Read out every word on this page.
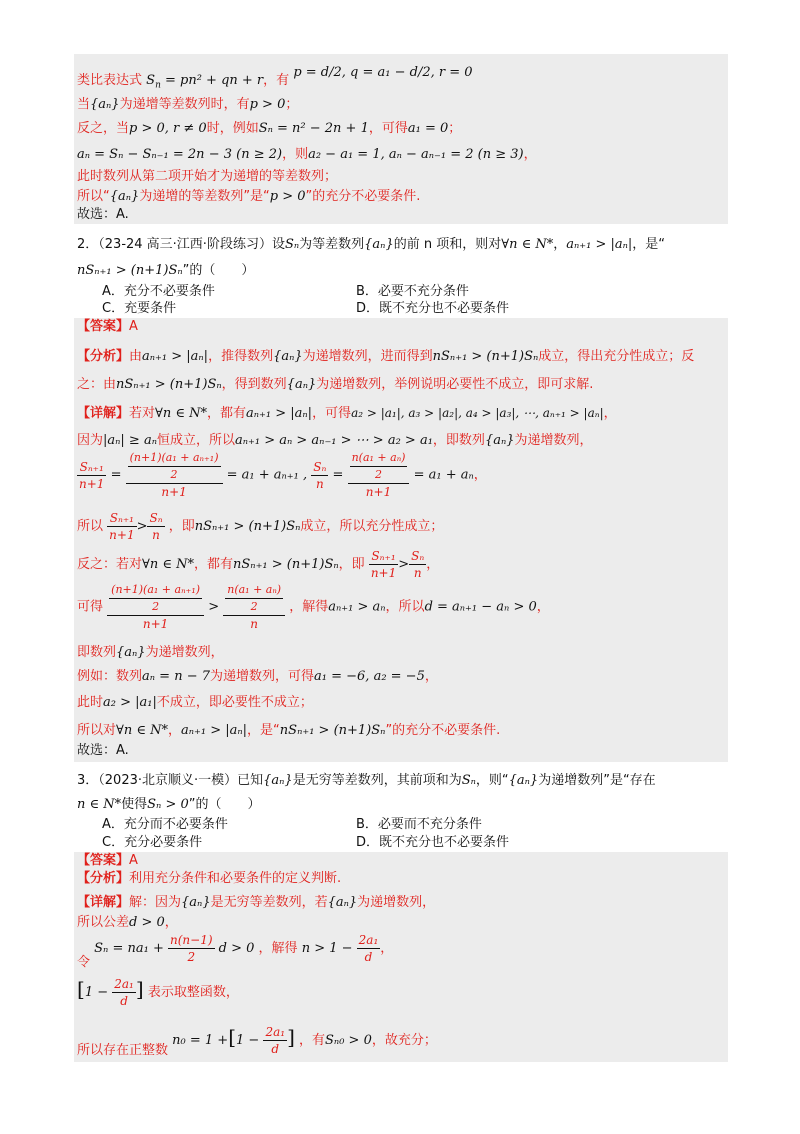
类比表达式 $S_n = pn^2$ + qn + r，有 p = d/2, q = a₁ − d/2, r = 0
当{aₙ}为递增等差数列时，有p > 0；
反之，当p > 0, r ≠ 0时，例如Sₙ = n² − 2n + 1，可得a₁ = 0；
aₙ = Sₙ − Sₙ₋₁ = 2n − 3 (n ≥ 2)，则a₂ − a₁ = 1, aₙ − aₙ₋₁ = 2 (n ≥ 3)，
此时数列从第二项开始才为递增的等差数列；
所以“{aₙ}为递增的等差数列”是“p > 0”的充分不必要条件.
故选：A.
2．（23-24 高三·江西·阶段练习）设Sₙ为等差数列{aₙ}的前 n 项和，则对∀n ∈ N*，aₙ₊₁ > |aₙ|，是“
nSₙ₊₁ > (n+1)Sₙ”的（　　）
A．充分不必要条件	B．必要不充分条件
C．充要条件	D．既不充分也不必要条件
【答案】A
【分析】由aₙ₊₁ > |aₙ|，推得数列{aₙ}为递增数列，进而得到nSₙ₊₁ > (n+1)Sₙ成立，得出充分性成立；反
之：由nSₙ₊₁ > (n+1)Sₙ，得到数列{aₙ}为递增数列，举例说明必要性不成立，即可求解.
【详解】若对∀n ∈ N*，都有aₙ₊₁ > |aₙ|，可得a₂ > |a₁|, a₃ > |a₂|, a₄ > |a₃|, ⋯, aₙ₊₁ > |aₙ|，
因为|aₙ| ≥ aₙ恒成立，所以aₙ₊₁ > aₙ > aₙ₋₁ > ⋯ > a₂ > a₁，即数列{aₙ}为递增数列，
$\frac{\text{Sₙ₊₁}}{n+1} = \frac{\frac{\text{(n+1)(a₁ + aₙ₊₁)}}{2}}{n+1} = a_1 + a_{n+1}$ , $\frac{\text{Sₙ}}{n} = \frac{\frac{\text{n(a₁ + aₙ)}}{2}}{n+1} = a_1 + a_n$，
所以 $\frac{\text{Sₙ₊₁}}{n+1} > \frac{\text{Sₙ}}{n}$ ，即nSₙ₊₁ > (n+1)Sₙ成立，所以充分性成立；
反之：若对∀n ∈ N*，都有nSₙ₊₁ > (n+1)Sₙ，即 $\frac{\text{Sₙ₊₁}}{n+1} > \frac{\text{Sₙ}}{n}$ ，
可得 $\frac{\frac{\text{(n+1)(a₁ + aₙ₊₁)}}{2}}{n+1} > \frac{\frac{\text{n(a₁ + aₙ)}}{2}}{n}$ ，解得aₙ₊₁ > aₙ，所以d = aₙ₊₁ − aₙ > 0，
即数列{aₙ}为递增数列，
例如：数列aₙ = n − 7为递增数列，可得a₁ = −6, a₂ = −5，
此时a₂ > |a₁|不成立，即必要性不成立；
所以对∀n ∈ N*，aₙ₊₁ > |aₙ|，是“nSₙ₊₁ > (n+1)Sₙ”的充分不必要条件.
故选：A.
3．（2023·北京顺义·一模）已知{aₙ}是无穷等差数列，其前项和为Sₙ，则“{aₙ}为递增数列”是“存在
n ∈ N*使得Sₙ > 0”的（　　）
A．充分而不必要条件	B．必要而不充分条件
C．充分必要条件	D．既不充分也不必要条件
【答案】A
【分析】利用充分条件和必要条件的定义判断.
【详解】解：因为{aₙ}是无穷等差数列，若{aₙ}为递增数列，
所以公差d > 0，
令 $S_n = na_1 + \frac{n(n-1)}{2}$ d > 0 ，解得 $n > 1 - \frac{\text{2a₁}}{d}$ ，
[$1 - \frac{\text{2a₁}}{d}$ ] 表示取整函数，
所以存在正整数 $n_0 = 1 +[1 - \frac{\text{2a₁}}{d}$ ] ，有Sₙ₀ > 0，故充分；
